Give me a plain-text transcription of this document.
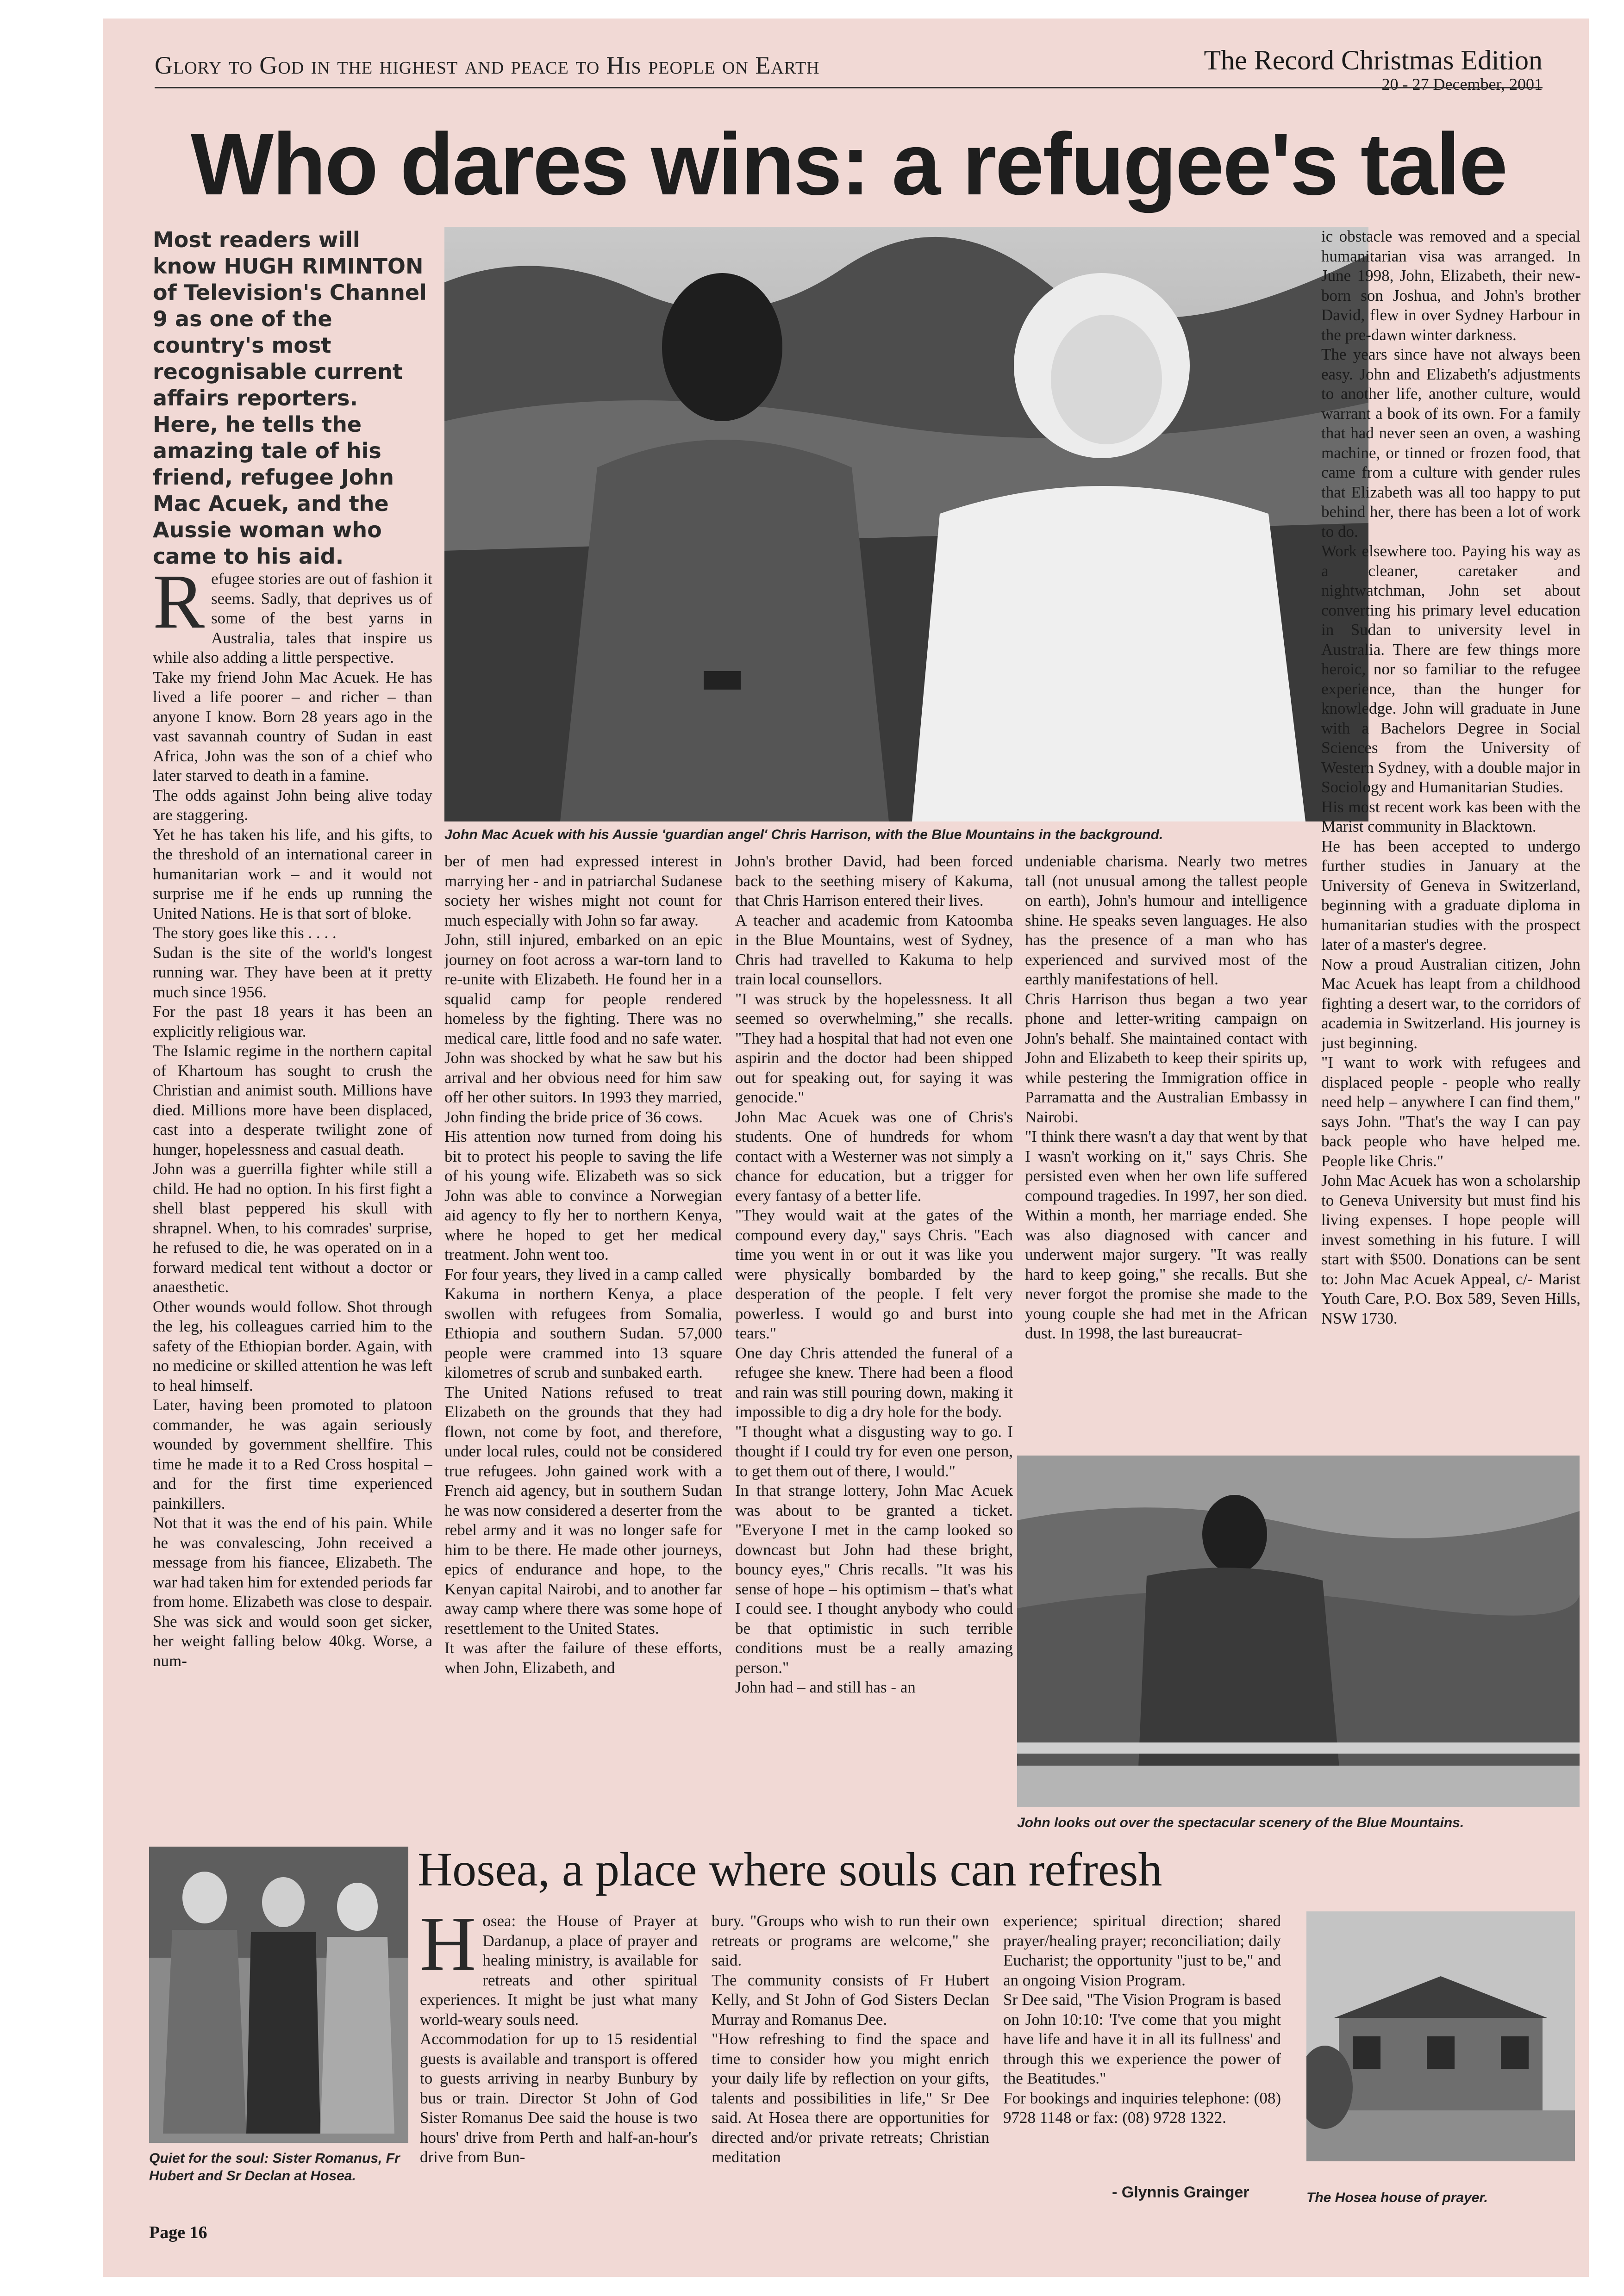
Glory to God in the highest and peace to His people on Earth	The Record Christmas Edition
20 - 27 December, 2001
Who dares wins: a refugee's tale
Most readers will know HUGH RIMINTON of Television's Channel 9 as one of the country's most recognisable current affairs reporters. Here, he tells the amazing tale of his friend, refugee John Mac Acuek, and the Aussie woman who came to his aid.
John Mac Acuek with his Aussie 'guardian angel' Chris Harrison, with the Blue Mountains in the background.

Refugee stories are out of fashion it seems. Sadly, that deprives us of some of the best yarns in Australia, tales that inspire us while also adding a little perspective.

Take my friend John Mac Acuek. He has lived a life poorer – and richer – than anyone I know. Born 28 years ago in the vast savannah country of Sudan in east Africa, John was the son of a chief who later starved to death in a famine.

The odds against John being alive today are staggering.

Yet he has taken his life, and his gifts, to the threshold of an international career in humanitarian work – and it would not surprise me if he ends up running the United Nations. He is that sort of bloke.

The story goes like this . . . .

Sudan is the site of the world's longest running war. They have been at it pretty much since 1956.

For the past 18 years it has been an explicitly religious war.

The Islamic regime in the northern capital of Khartoum has sought to crush the Christian and animist south. Millions have died. Millions more have been displaced, cast into a desperate twilight zone of hunger, hopelessness and casual death.

John was a guerrilla fighter while still a child. He had no option. In his first fight a shell blast peppered his skull with shrapnel. When, to his comrades' surprise, he refused to die, he was operated on in a forward medical tent without a doctor or anaesthetic.

Other wounds would follow. Shot through the leg, his colleagues carried him to the safety of the Ethiopian border. Again, with no medicine or skilled attention he was left to heal himself.

Later, having been promoted to platoon commander, he was again seriously wounded by government shellfire. This time he made it to a Red Cross hospital – and for the first time experienced painkillers.

Not that it was the end of his pain. While he was convalescing, John received a message from his fiancee, Elizabeth. The war had taken him for extended periods far from home. Elizabeth was close to despair. She was sick and would soon get sicker, her weight falling below 40kg. Worse, a num-

ber of men had expressed interest in marrying her - and in patriarchal Sudanese society her wishes might not count for much especially with John so far away.

John, still injured, embarked on an epic journey on foot across a war-torn land to re-unite with Elizabeth. He found her in a squalid camp for people rendered homeless by the fighting. There was no medical care, little food and no safe water. John was shocked by what he saw but his arrival and her obvious need for him saw off her other suitors. In 1993 they married, John finding the bride price of 36 cows.

His attention now turned from doing his bit to protect his people to saving the life of his young wife. Elizabeth was so sick John was able to convince a Norwegian aid agency to fly her to northern Kenya, where he hoped to get her medical treatment. John went too.

For four years, they lived in a camp called Kakuma in northern Kenya, a place swollen with refugees from Somalia, Ethiopia and southern Sudan. 57,000 people were crammed into 13 square kilometres of scrub and sunbaked earth.

The United Nations refused to treat Elizabeth on the grounds that they had flown, not come by foot, and therefore, under local rules, could not be considered true refugees. John gained work with a French aid agency, but in southern Sudan he was now considered a deserter from the rebel army and it was no longer safe for him to be there. He made other journeys, epics of endurance and hope, to the Kenyan capital Nairobi, and to another far away camp where there was some hope of resettlement to the United States.

It was after the failure of these efforts, when John, Elizabeth, and

John's brother David, had been forced back to the seething misery of Kakuma, that Chris Harrison entered their lives.

A teacher and academic from Katoomba in the Blue Mountains, west of Sydney, Chris had travelled to Kakuma to help train local counsellors.

"I was struck by the hopelessness. It all seemed so overwhelming," she recalls. "They had a hospital that had not even one aspirin and the doctor had been shipped out for speaking out, for saying it was genocide."

John Mac Acuek was one of Chris's students. One of hundreds for whom contact with a Westerner was not simply a chance for education, but a trigger for every fantasy of a better life.

"They would wait at the gates of the compound every day," says Chris. "Each time you went in or out it was like you were physically bombarded by the desperation of the people. I felt very powerless. I would go and burst into tears."

One day Chris attended the funeral of a refugee she knew. There had been a flood and rain was still pouring down, making it impossible to dig a dry hole for the body.

"I thought what a disgusting way to go. I thought if I could try for even one person, to get them out of there, I would."

In that strange lottery, John Mac Acuek was about to be granted a ticket. "Everyone I met in the camp looked so downcast but John had these bright, bouncy eyes," Chris recalls. "It was his sense of hope – his optimism – that's what I could see. I thought anybody who could be that optimistic in such terrible conditions must be a really amazing person."

John had – and still has - an

undeniable charisma. Nearly two metres tall (not unusual among the tallest people on earth), John's humour and intelligence shine. He speaks seven languages. He also has the presence of a man who has experienced and survived most of the earthly manifestations of hell.

Chris Harrison thus began a two year phone and letter-writing campaign on John's behalf. She maintained contact with John and Elizabeth to keep their spirits up, while pestering the Immigration office in Parramatta and the Australian Embassy in Nairobi.

"I think there wasn't a day that went by that I wasn't working on it," says Chris. She persisted even when her own life suffered compound tragedies. In 1997, her son died. Within a month, her marriage ended. She was also diagnosed with cancer and underwent major surgery. "It was really hard to keep going," she recalls. But she never forgot the promise she made to the young couple she had met in the African dust. In 1998, the last bureaucrat-

ic obstacle was removed and a special humanitarian visa was arranged. In June 1998, John, Elizabeth, their new-born son Joshua, and John's brother David, flew in over Sydney Harbour in the pre-dawn winter darkness.

The years since have not always been easy. John and Elizabeth's adjustments to another life, another culture, would warrant a book of its own. For a family that had never seen an oven, a washing machine, or tinned or frozen food, that came from a culture with gender rules that Elizabeth was all too happy to put behind her, there has been a lot of work to do.

Work elsewhere too. Paying his way as a cleaner, caretaker and nightwatchman, John set about converting his primary level education in Sudan to university level in Australia. There are few things more heroic, nor so familiar to the refugee experience, than the hunger for knowledge. John will graduate in June with a Bachelors Degree in Social Sciences from the University of Western Sydney, with a double major in Sociology and Humanitarian Studies.

His most recent work kas been with the Marist community in Blacktown.

He has been accepted to undergo further studies in January at the University of Geneva in Switzerland, beginning with a graduate diploma in humanitarian studies with the prospect later of a master's degree.

Now a proud Australian citizen, John Mac Acuek has leapt from a childhood fighting a desert war, to the corridors of academia in Switzerland. His journey is just beginning.

"I want to work with refugees and displaced people - people who really need help – anywhere I can find them," says John. "That's the way I can pay back people who have helped me. People like Chris."

John Mac Acuek has won a scholarship to Geneva University but must find his living expenses. I hope people will invest something in his future. I will start with $500. Donations can be sent to: John Mac Acuek Appeal, c/- Marist Youth Care, P.O. Box 589, Seven Hills, NSW 1730.

John looks out over the spectacular scenery of the Blue Mountains.
Hosea, a place where souls can refresh
Quiet for the soul: Sister Romanus, Fr Hubert and Sr Declan at Hosea.

Hosea: the House of Prayer at Dardanup, a place of prayer and healing ministry, is available for retreats and other spiritual experiences. It might be just what many world-weary souls need.

Accommodation for up to 15 residential guests is available and transport is offered to guests arriving in nearby Bunbury by bus or train. Director St John of God Sister Romanus Dee said the house is two hours' drive from Perth and half-an-hour's drive from Bun-

bury. "Groups who wish to run their own retreats or programs are welcome," she said.

The community consists of Fr Hubert Kelly, and St John of God Sisters Declan Murray and Romanus Dee.

"How refreshing to find the space and time to consider how you might enrich your daily life by reflection on your gifts, talents and possibilities in life," Sr Dee said. At Hosea there are opportunities for directed and/or private retreats; Christian meditation

experience; spiritual direction; shared prayer/healing prayer; reconciliation; daily Eucharist; the opportunity "just to be," and an ongoing Vision Program.

Sr Dee said, "The Vision Program is based on John 10:10: 'I've come that you might have life and have it in all its fullness' and through this we experience the power of the Beatitudes."

For bookings and inquiries telephone: (08) 9728 1148 or fax: (08) 9728 1322.

- Glynnis Grainger	The Hosea house of prayer.
Page 16
